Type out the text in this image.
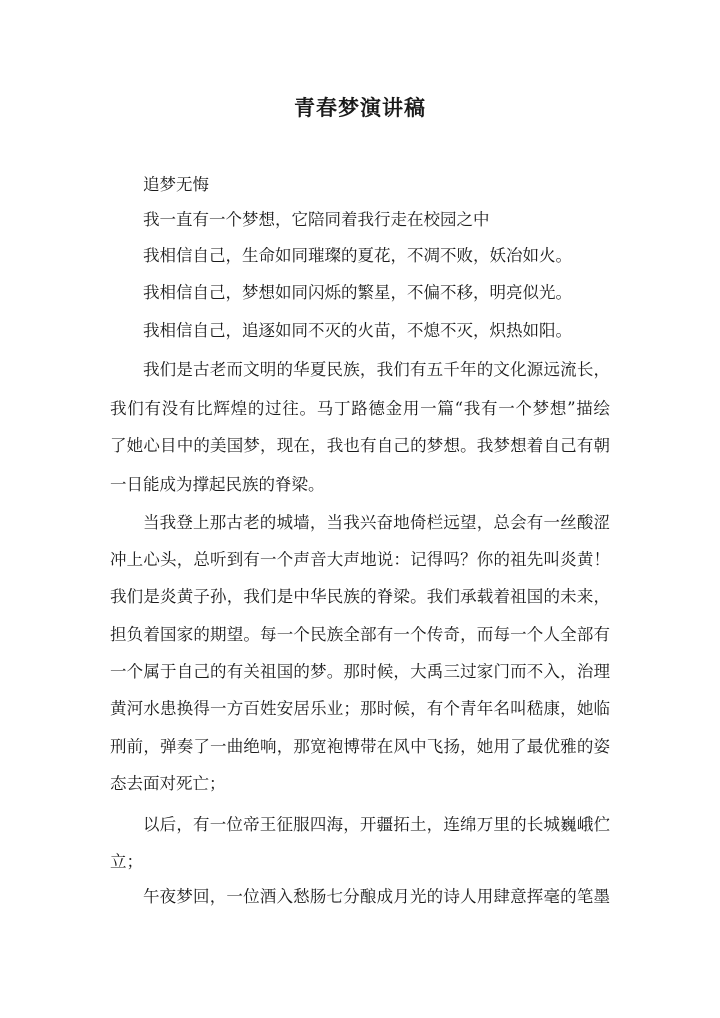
青春梦演讲稿
追梦无悔
我一直有一个梦想，它陪同着我行走在校园之中
我相信自己，生命如同璀璨的夏花，不凋不败，妖冶如火。
我相信自己，梦想如同闪烁的繁星，不偏不移，明亮似光。
我相信自己，追逐如同不灭的火苗，不熄不灭，炽热如阳。
我们是古老而文明的华夏民族，我们有五千年的文化源远流长，
我们有没有比辉煌的过往。马丁路德金用一篇“我有一个梦想”描绘
了她心目中的美国梦，现在，我也有自己的梦想。我梦想着自己有朝
一日能成为撑起民族的脊梁。
当我登上那古老的城墙，当我兴奋地倚栏远望，总会有一丝酸涩
冲上心头，总听到有一个声音大声地说：记得吗？你的祖先叫炎黄！
我们是炎黄子孙，我们是中华民族的脊梁。我们承载着祖国的未来，
担负着国家的期望。每一个民族全部有一个传奇，而每一个人全部有
一个属于自己的有关祖国的梦。那时候，大禹三过家门而不入，治理
黄河水患换得一方百姓安居乐业；那时候，有个青年名叫嵇康，她临
刑前，弹奏了一曲绝响，那宽袍博带在风中飞扬，她用了最优雅的姿
态去面对死亡；
以后，有一位帝王征服四海，开疆拓土，连绵万里的长城巍峨伫
立；
午夜梦回，一位酒入愁肠七分酿成月光的诗人用肆意挥毫的笔墨
